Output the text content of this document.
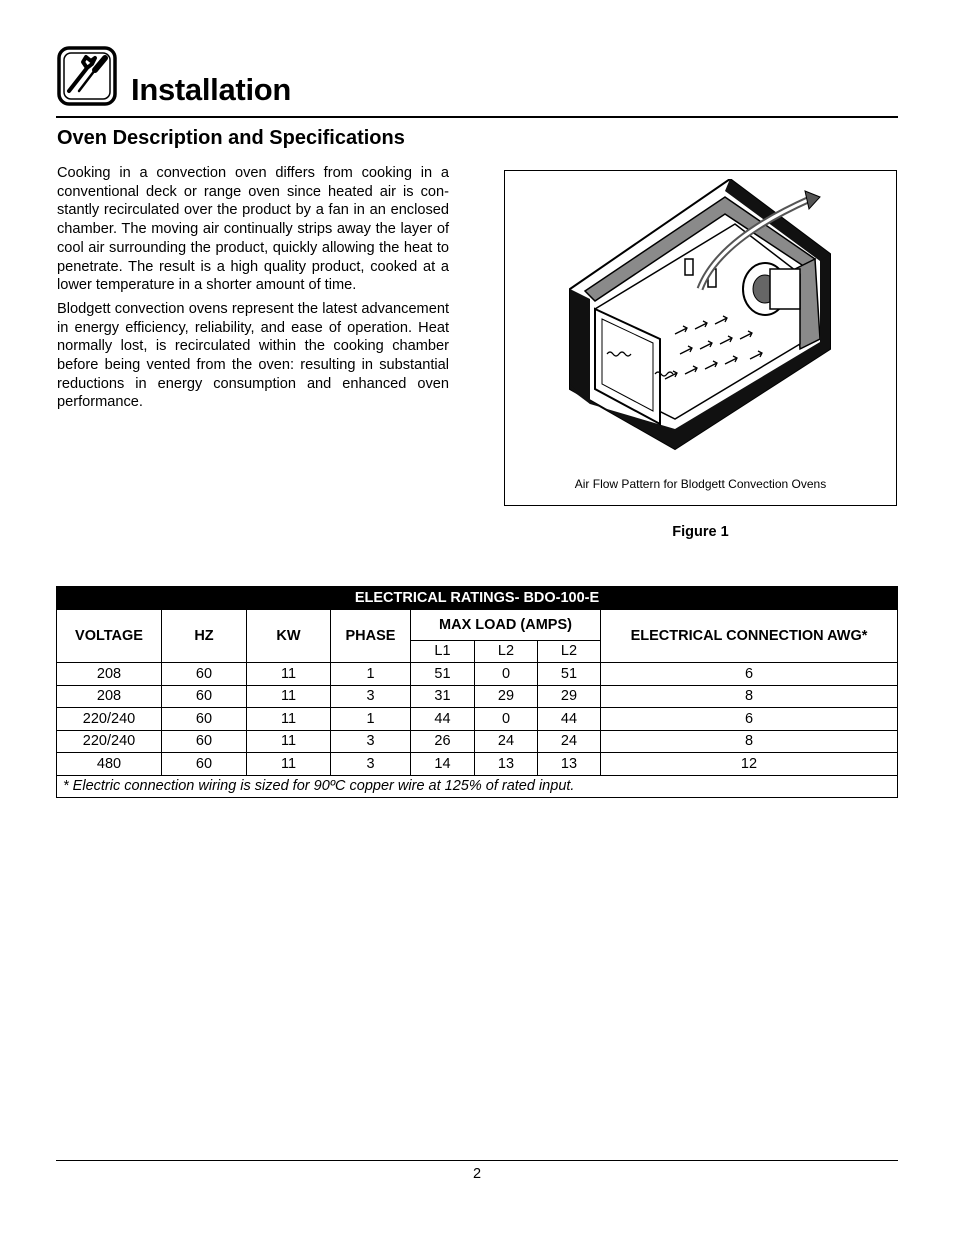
Installation
Oven Description and Specifications

Cooking in a convection oven differs from cooking in a conventional deck or range oven since heated air is constantly recirculated over the product by a fan in an enclosed chamber. The moving air continually strips away the layer of cool air surrounding the product, quickly allowing the heat to penetrate. The result is a high quality product, cooked at a lower temperature in a shorter amount of time.

Blodgett convection ovens represent the latest advancement in energy efficiency, reliability, and ease of operation. Heat normally lost, is recirculated within the cooking chamber before being vented from the oven: resulting in substantial reductions in energy consumption and enhanced oven performance.

Air Flow Pattern for Blodgett Convection Ovens
Figure 1
ELECTRICAL RATINGS- BDO-100-E							
VOLTAGE	HZ	KW	PHASE	MAX LOAD (AMPS)			ELECTRICAL CONNECTION AWG*
				L1	L2	L2	
208	60	11	1	51	0	51	6
208	60	11	3	31	29	29	8
220/240	60	11	1	44	0	44	6
220/240	60	11	3	26	24	24	8
480	60	11	3	14	13	13	12
* Electric connection wiring is sized for 90ºC copper wire at 125% of rated input.							
2
